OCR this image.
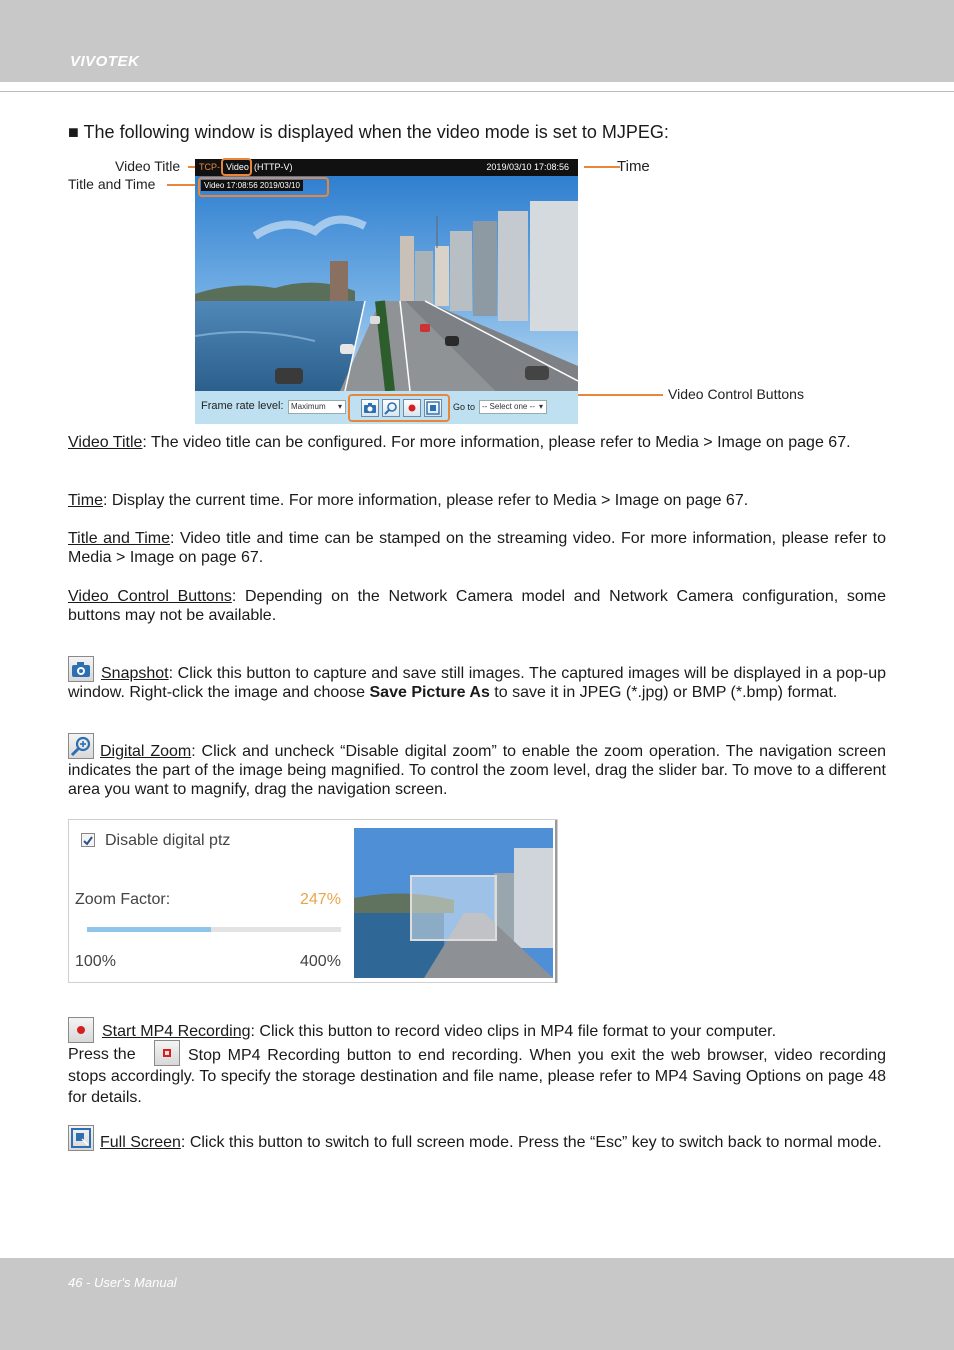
VIVOTEK
■ The following window is displayed when the video mode is set to MJPEG:
Video Title
Title and Time
Time
Video Control Buttons
TCP- Video (HTTP-V)	2019/03/10 17:08:56
Video 17:08:56 2019/03/10
Frame rate level: Maximum ▾	Go to -- Select one -- ▾
Video Title: The video title can be configured. For more information, please refer to Media > Image on page 67.
Time: Display the current time. For more information, please refer to Media > Image on page 67.
Title and Time: Video title and time can be stamped on the streaming video. For more information, please refer to Media > Image on page 67.
Video Control Buttons: Depending on the Network Camera model and Network Camera configuration, some buttons may not be available.
Snapshot: Click this button to capture and save still images. The captured images will be displayed in a pop-up window. Right-click the image and choose Save Picture As to save it in JPEG (*.jpg) or BMP (*.bmp) format.
Digital Zoom: Click and uncheck “Disable digital zoom” to enable the zoom operation. The navigation screen indicates the part of the image being magnified. To control the zoom level, drag the slider bar. To move to a different area you want to magnify, drag the navigation screen.
Disable digital ptz
Zoom Factor:	247%
100%	400%
Start MP4 Recording: Click this button to record video clips in MP4 file format to your computer.
Press the	Stop MP4 Recording button to end recording. When you exit the web browser, video recording stops accordingly. To specify the storage destination and file name, please refer to MP4 Saving Options on page 48 for details.
Full Screen: Click this button to switch to full screen mode. Press the “Esc” key to switch back to normal mode.
46 - User's Manual
